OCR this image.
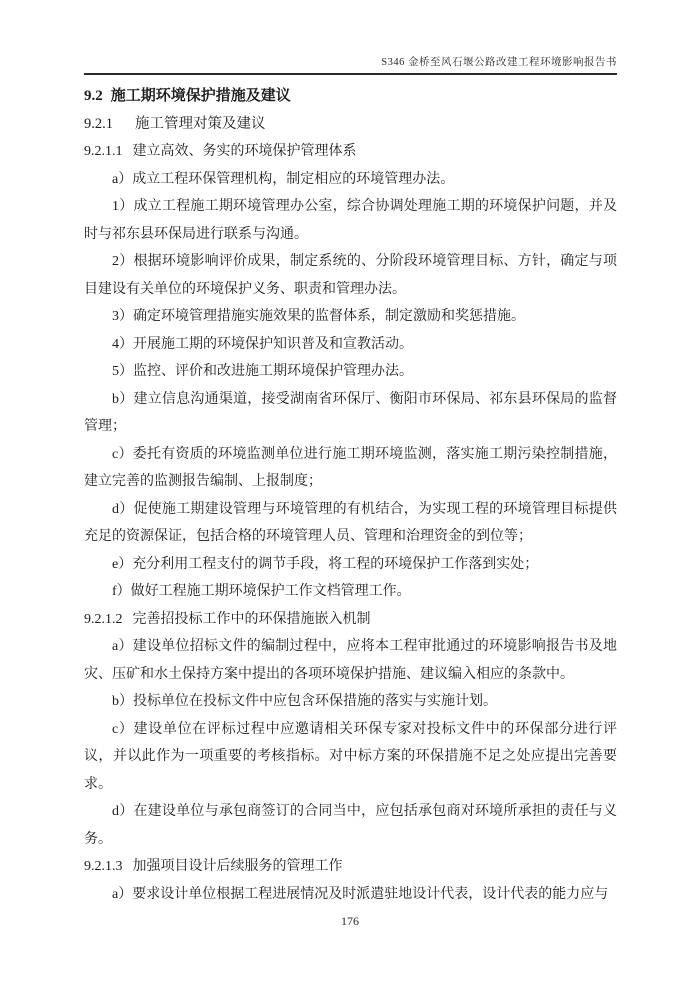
S346 金桥至风石堰公路改建工程环境影响报告书
9.2 施工期环境保护措施及建议
9.2.1 施工管理对策及建议
9.2.1.1 建立高效、务实的环境保护管理体系
a）成立工程环保管理机构，制定相应的环境管理办法。
1）成立工程施工期环境管理办公室，综合协调处理施工期的环境保护问题，并及时与祁东县环保局进行联系与沟通。
2）根据环境影响评价成果，制定系统的、分阶段环境管理目标、方针，确定与项目建设有关单位的环境保护义务、职责和管理办法。
3）确定环境管理措施实施效果的监督体系，制定激励和奖惩措施。
4）开展施工期的环境保护知识普及和宣教活动。
5）监控、评价和改进施工期环境保护管理办法。
b）建立信息沟通渠道，接受湖南省环保厅、衡阳市环保局、祁东县环保局的监督管理；
c）委托有资质的环境监测单位进行施工期环境监测，落实施工期污染控制措施，建立完善的监测报告编制、上报制度；
d）促使施工期建设管理与环境管理的有机结合，为实现工程的环境管理目标提供充足的资源保证，包括合格的环境管理人员、管理和治理资金的到位等；
e）充分利用工程支付的调节手段，将工程的环境保护工作落到实处；
f）做好工程施工期环境保护工作文档管理工作。
9.2.1.2 完善招投标工作中的环保措施嵌入机制
a）建设单位招标文件的编制过程中，应将本工程审批通过的环境影响报告书及地灾、压矿和水土保持方案中提出的各项环境保护措施、建议编入相应的条款中。
b）投标单位在投标文件中应包含环保措施的落实与实施计划。
c）建设单位在评标过程中应邀请相关环保专家对投标文件中的环保部分进行评议，并以此作为一项重要的考核指标。对中标方案的环保措施不足之处应提出完善要求。
d）在建设单位与承包商签订的合同当中，应包括承包商对环境所承担的责任与义务。
9.2.1.3 加强项目设计后续服务的管理工作
a）要求设计单位根据工程进展情况及时派遣驻地设计代表，设计代表的能力应与
176
